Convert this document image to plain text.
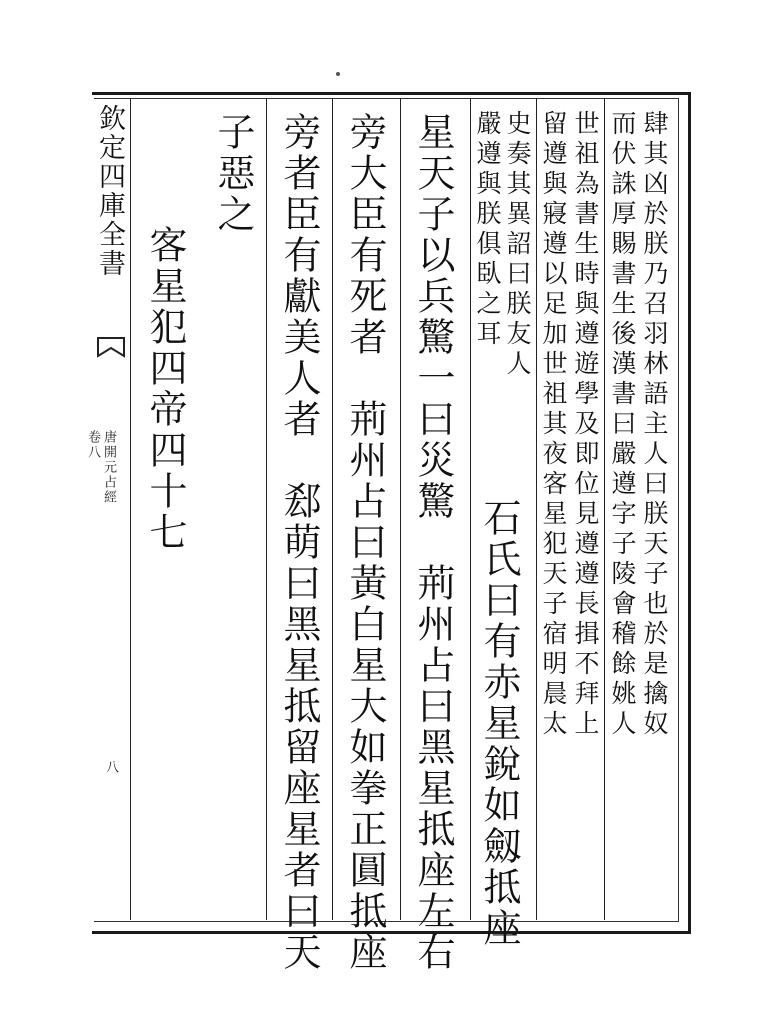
欽定四庫全書
唐開元占經
卷八
八
肆其凶於朕乃召羽林語主人曰朕天子也於是擒奴
而伏誅厚賜書生後漢書曰嚴遵字子陵會稽餘姚人
世祖為書生時與遵遊學及即位見遵遵長揖不拜上
留遵與寢遵以足加世祖其夜客星犯天子宿明晨太
史奏其異詔曰朕友人
嚴遵與朕俱臥之耳
石氏曰有赤星銳如劔抵座
星天子以兵驚一曰災驚　荊州占曰黑星抵座左右
旁大臣有死者　荊州占曰黃白星大如拳正圓抵座
旁者臣有獻美人者　郄萌曰黑星抵留座星者曰天
子惡之
客星犯四帝四十七
